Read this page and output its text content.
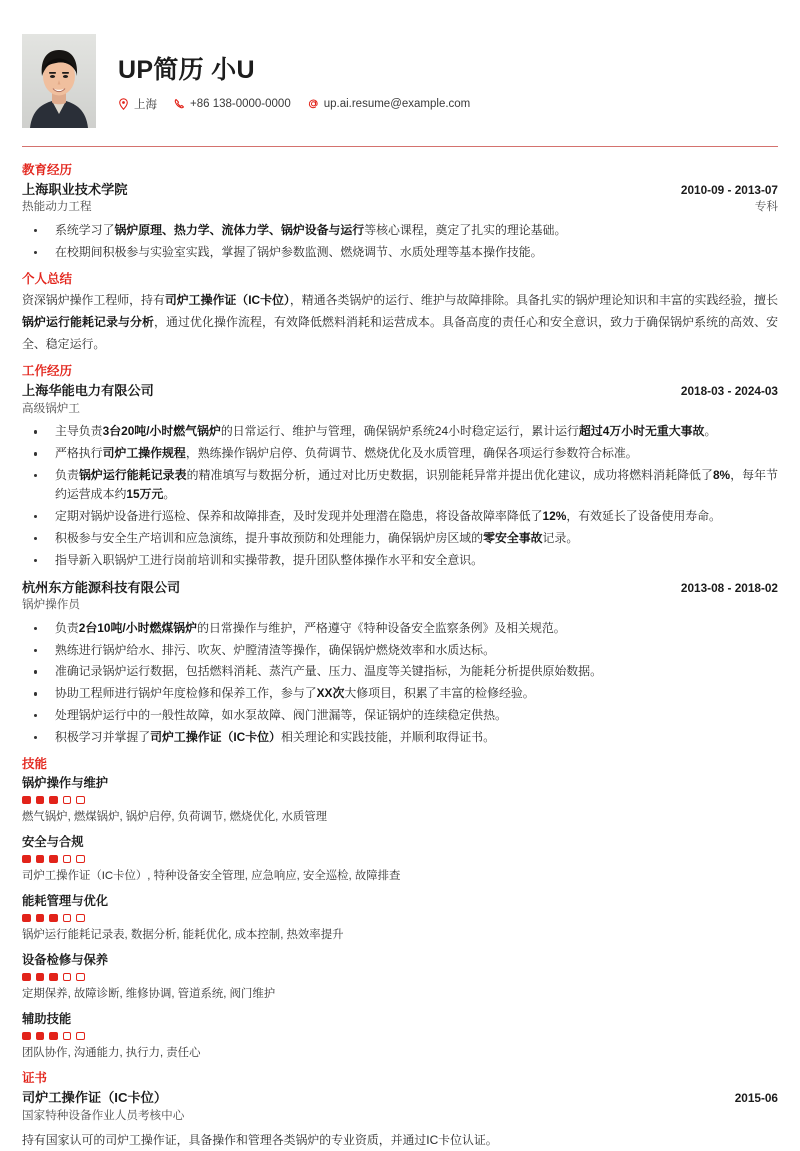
UP简历 小U
上海	+86 138-0000-0000	up.ai.resume@example.com
教育经历
上海职业技术学院	2010-09 - 2013-07
热能动力工程	专科
系统学习了锅炉原理、热力学、流体力学、锅炉设备与运行等核心课程，奠定了扎实的理论基础。
在校期间积极参与实验室实践，掌握了锅炉参数监测、燃烧调节、水质处理等基本操作技能。
个人总结
资深锅炉操作工程师，持有司炉工操作证（IC卡位），精通各类锅炉的运行、维护与故障排除。具备扎实的锅炉理论知识和丰富的实践经验，擅长锅炉运行能耗记录与分析，通过优化操作流程，有效降低燃料消耗和运营成本。具备高度的责任心和安全意识，致力于确保锅炉系统的高效、安全、稳定运行。
工作经历
上海华能电力有限公司	2018-03 - 2024-03
高级锅炉工
主导负责3台20吨/小时燃气锅炉的日常运行、维护与管理，确保锅炉系统24小时稳定运行，累计运行超过4万小时无重大事故。
严格执行司炉工操作规程，熟练操作锅炉启停、负荷调节、燃烧优化及水质管理，确保各项运行参数符合标准。
负责锅炉运行能耗记录表的精准填写与数据分析，通过对比历史数据，识别能耗异常并提出优化建议，成功将燃料消耗降低了8%，每年节约运营成本约15万元。
定期对锅炉设备进行巡检、保养和故障排查，及时发现并处理潜在隐患，将设备故障率降低了12%，有效延长了设备使用寿命。
积极参与安全生产培训和应急演练，提升事故预防和处理能力，确保锅炉房区域的零安全事故记录。
指导新入职锅炉工进行岗前培训和实操带教，提升团队整体操作水平和安全意识。
杭州东方能源科技有限公司	2013-08 - 2018-02
锅炉操作员
负责2台10吨/小时燃煤锅炉的日常操作与维护，严格遵守《特种设备安全监察条例》及相关规范。
熟练进行锅炉给水、排污、吹灰、炉膛清渣等操作，确保锅炉燃烧效率和水质达标。
准确记录锅炉运行数据，包括燃料消耗、蒸汽产量、压力、温度等关键指标，为能耗分析提供原始数据。
协助工程师进行锅炉年度检修和保养工作，参与了XX次大修项目，积累了丰富的检修经验。
处理锅炉运行中的一般性故障，如水泵故障、阀门泄漏等，保证锅炉的连续稳定供热。
积极学习并掌握了司炉工操作证（IC卡位）相关理论和实践技能，并顺利取得证书。
技能
锅炉操作与维护
燃气锅炉, 燃煤锅炉, 锅炉启停, 负荷调节, 燃烧优化, 水质管理
安全与合规
司炉工操作证（IC卡位）, 特种设备安全管理, 应急响应, 安全巡检, 故障排查
能耗管理与优化
锅炉运行能耗记录表, 数据分析, 能耗优化, 成本控制, 热效率提升
设备检修与保养
定期保养, 故障诊断, 维修协调, 管道系统, 阀门维护
辅助技能
团队协作, 沟通能力, 执行力, 责任心
证书
司炉工操作证（IC卡位）	2015-06
国家特种设备作业人员考核中心
持有国家认可的司炉工操作证，具备操作和管理各类锅炉的专业资质，并通过IC卡位认证。
